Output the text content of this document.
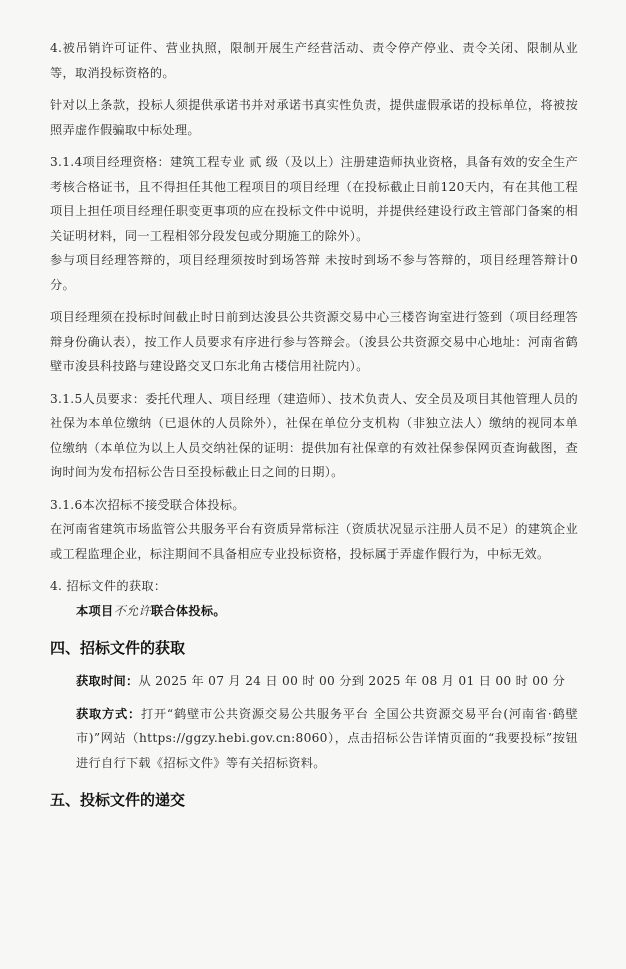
4.被吊销许可证件、营业执照，限制开展生产经营活动、责令停产停业、责令关闭、限制从业等，取消投标资格的。

针对以上条款，投标人须提供承诺书并对承诺书真实性负责，提供虚假承诺的投标单位，将被按照弄虚作假骗取中标处理。

3.1.4项目经理资格：建筑工程专业 贰 级（及以上）注册建造师执业资格，具备有效的安全生产考核合格证书，且不得担任其他工程项目的项目经理（在投标截止日前120天内，有在其他工程项目上担任项目经理任职变更事项的应在投标文件中说明，并提供经建设行政主管部门备案的相关证明材料，同一工程相邻分段发包或分期施工的除外）。

参与项目经理答辩的，项目经理须按时到场答辩 未按时到场不参与答辩的，项目经理答辩计0分。

项目经理须在投标时间截止时日前到达浚县公共资源交易中心三楼咨询室进行签到（项目经理答辩身份确认表），按工作人员要求有序进行参与答辩会。（浚县公共资源交易中心地址：河南省鹤壁市浚县科技路与建设路交叉口东北角古楼信用社院内）。

3.1.5人员要求：委托代理人、项目经理（建造师）、技术负责人、安全员及项目其他管理人员的社保为本单位缴纳（已退休的人员除外），社保在单位分支机构（非独立法人）缴纳的视同本单位缴纳（本单位为以上人员交纳社保的证明：提供加有社保章的有效社保参保网页查询截图，查询时间为发布招标公告日至投标截止日之间的日期）。

3.1.6本次招标不接受联合体投标。

在河南省建筑市场监管公共服务平台有资质异常标注（资质状况显示注册人员不足）的建筑企业或工程监理企业，标注期间不具备相应专业投标资格，投标属于弄虚作假行为，中标无效。

4. 招标文件的获取：

本项目不允许联合体投标。

四、招标文件的获取

获取时间：从 2025 年 07 月 24 日 00 时 00 分到 2025 年 08 月 01 日 00 时 00 分

获取方式：打开“鹤壁市公共资源交易公共服务平台 全国公共资源交易平台(河南省·鹤壁市)”网站（https://ggzy.hebi.gov.cn:8060），点击招标公告详情页面的“我要投标”按钮进行自行下载《招标文件》等有关招标资料。

五、投标文件的递交
